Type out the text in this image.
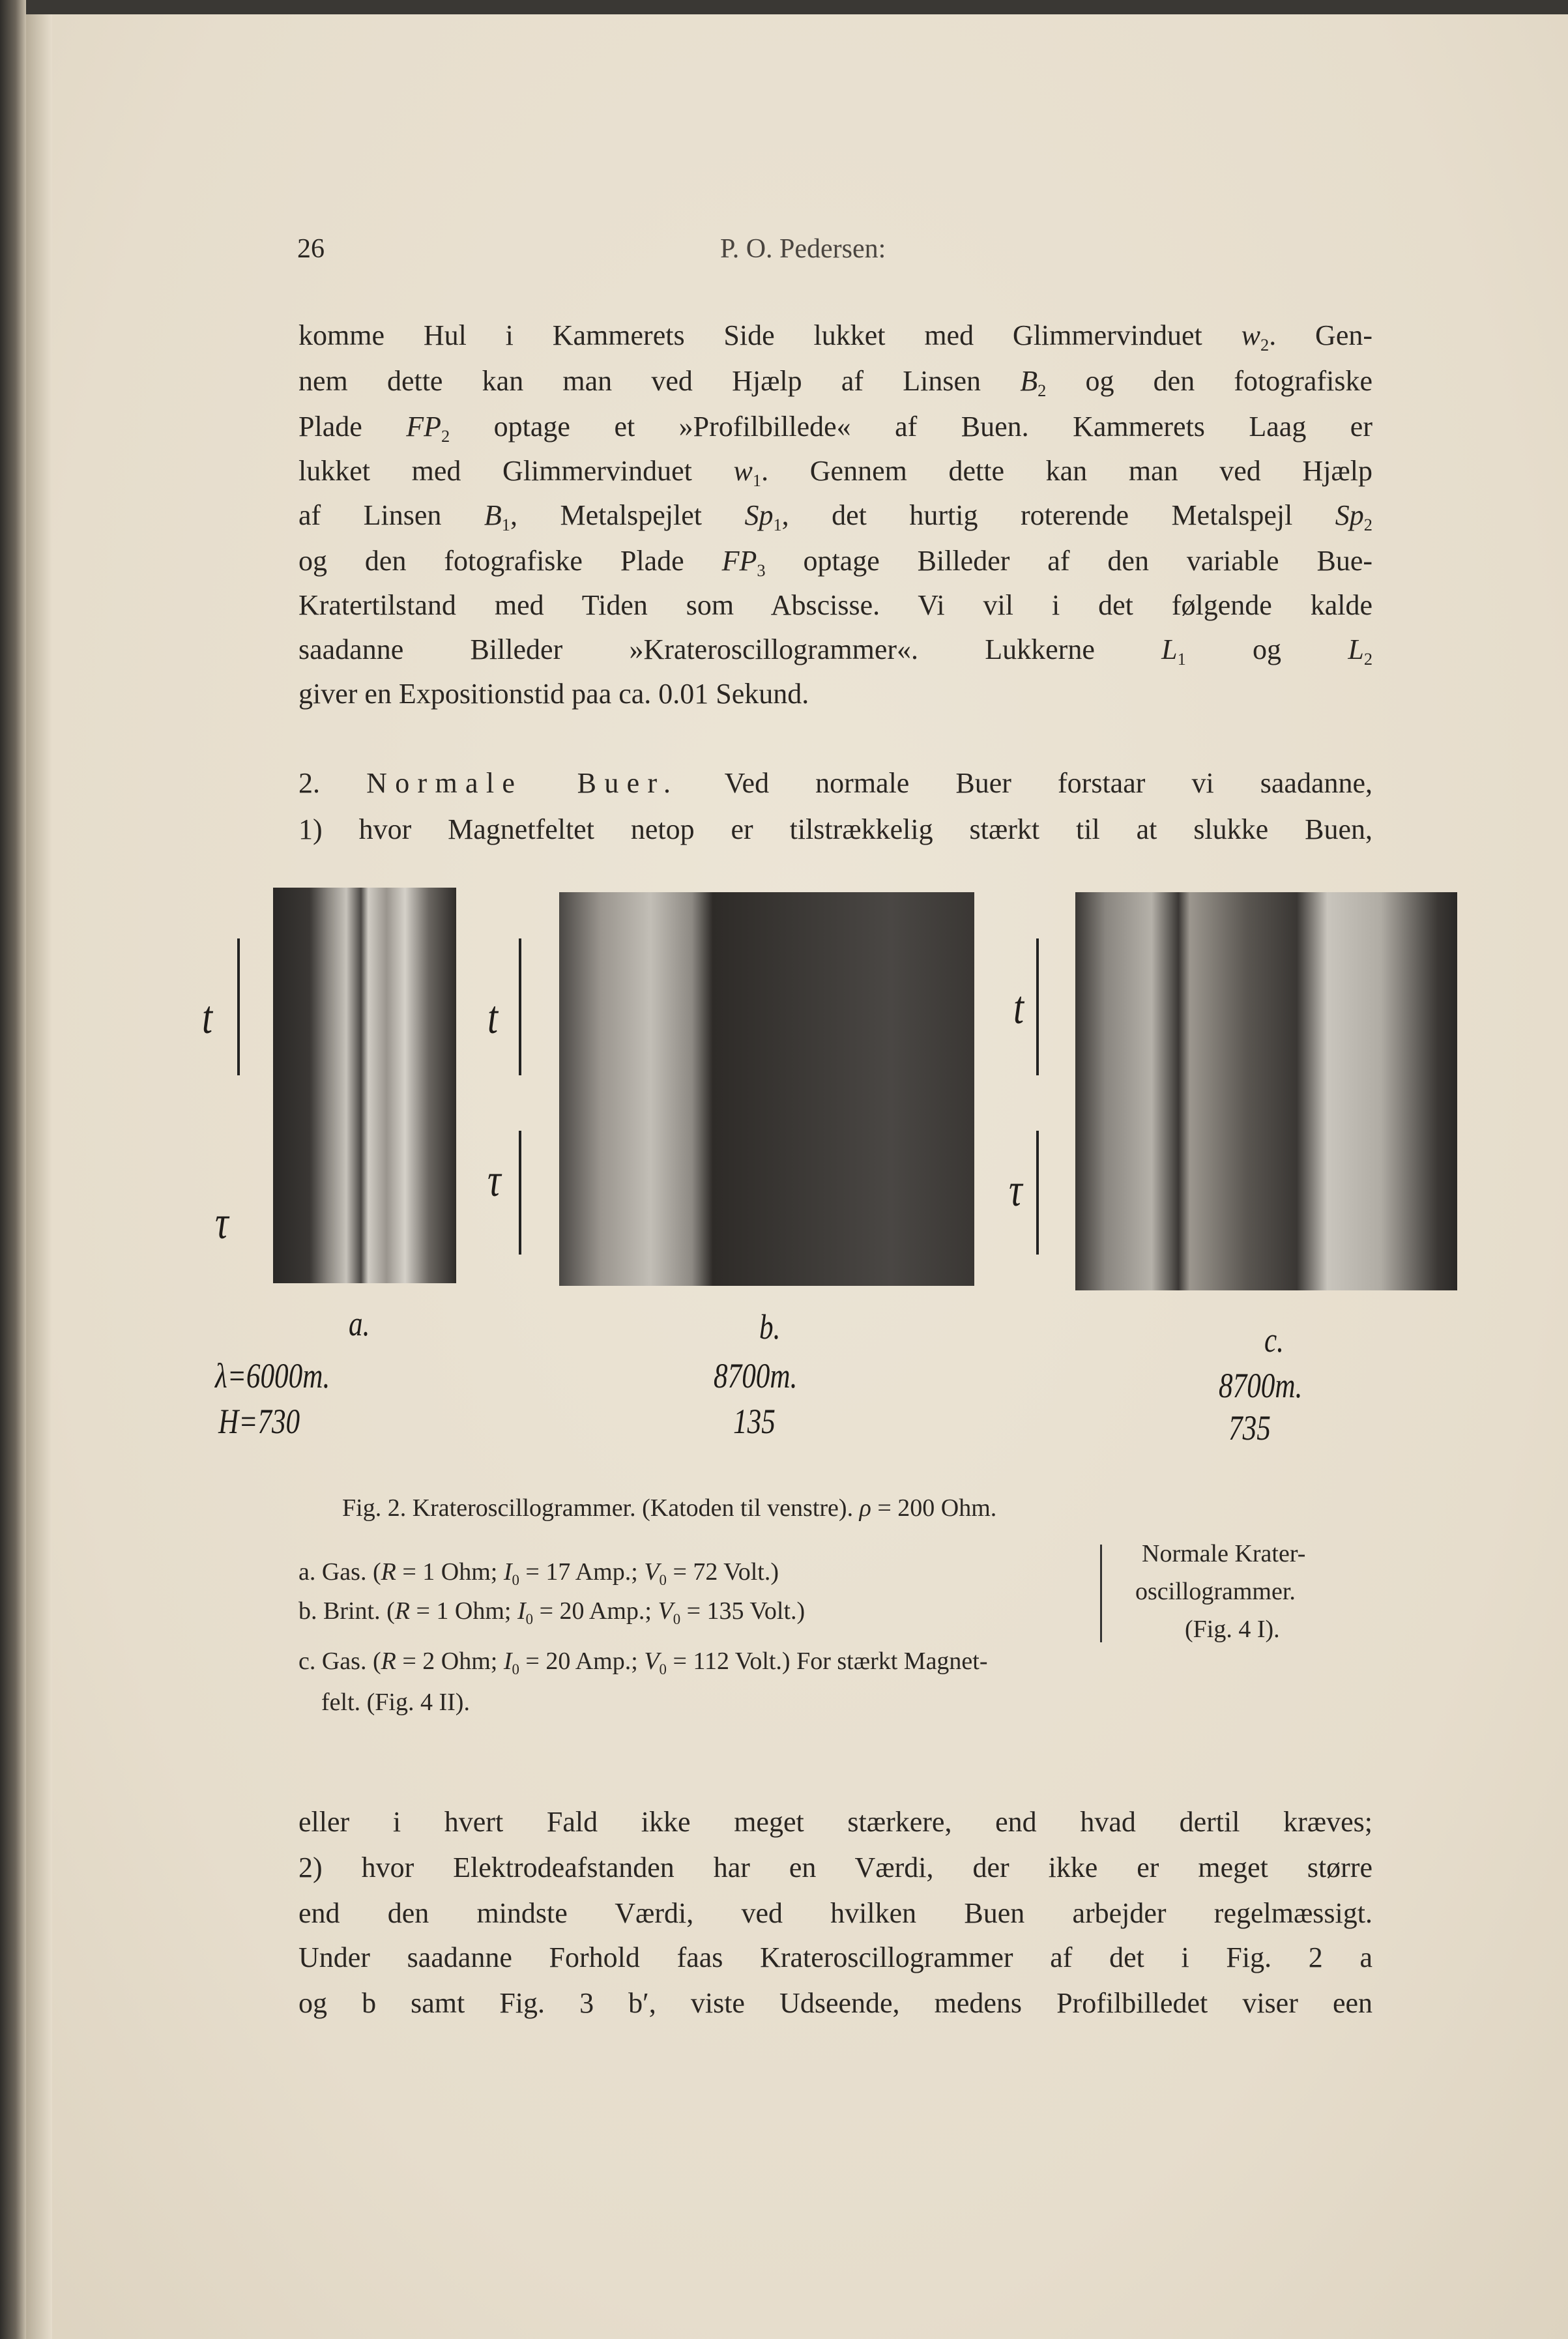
26	P. O. Pedersen:
komme Hul i Kammerets Side lukket med Glimmervinduet $w_2$. Gen-
nem dette kan man ved Hjælp af Linsen $B_2$ og den fotografiske
Plade $FP_2$ optage et »Profilbillede« af Buen. Kammerets Laag er
lukket med Glimmervinduet $w_1$. Gennem dette kan man ved Hjælp
af Linsen $B_1$, Metalspejlet $Sp_1$, det hurtig roterende Metalspejl $Sp_2$
og den fotografiske Plade $FP_3$ optage Billeder af den variable Bue-
Kratertilstand med Tiden som Abscisse. Vi vil i det følgende kalde
saadanne Billeder »Krateroscillogrammer«. Lukkerne $L_1$ og $L_2$
giver en Expositionstid paa ca. 0.01 Sekund.
2. Normale Buer. Ved normale Buer forstaar vi saadanne,
1) hvor Magnetfeltet netop er tilstrækkelig stærkt til at slukke Buen,
eller i hvert Fald ikke meget stærkere, end hvad dertil kræves;
2) hvor Elektrodeafstanden har en Værdi, der ikke er meget større
end den mindste Værdi, ved hvilken Buen arbejder regelmæssigt.
Under saadanne Forhold faas Krateroscillogrammer af det i Fig. 2 a
og b samt Fig. 3 b′, viste Udseende, medens Profilbilledet viser een
t
τ
t
τ
t
τ
a.
λ=6000m.
H=730
b.
8700m.
135
c.
8700m.
735
Fig. 2. Krateroscillogrammer. (Katoden til venstre). ρ = 200 Ohm.
a. Gas. (R = 1 Ohm; $I_0 = 17$ Amp.; $V_0 = 72$ Volt.)
b. Brint. (R = 1 Ohm; $I_0 = 20$ Amp.; $V_0 = 135$ Volt.)
c. Gas. (R = 2 Ohm; $I_0 = 20$ Amp.; $V_0 = 112$ Volt.) For stærkt Magnet-
felt. (Fig. 4 II).
Normale Krater-
oscillogrammer.
(Fig. 4 I).
